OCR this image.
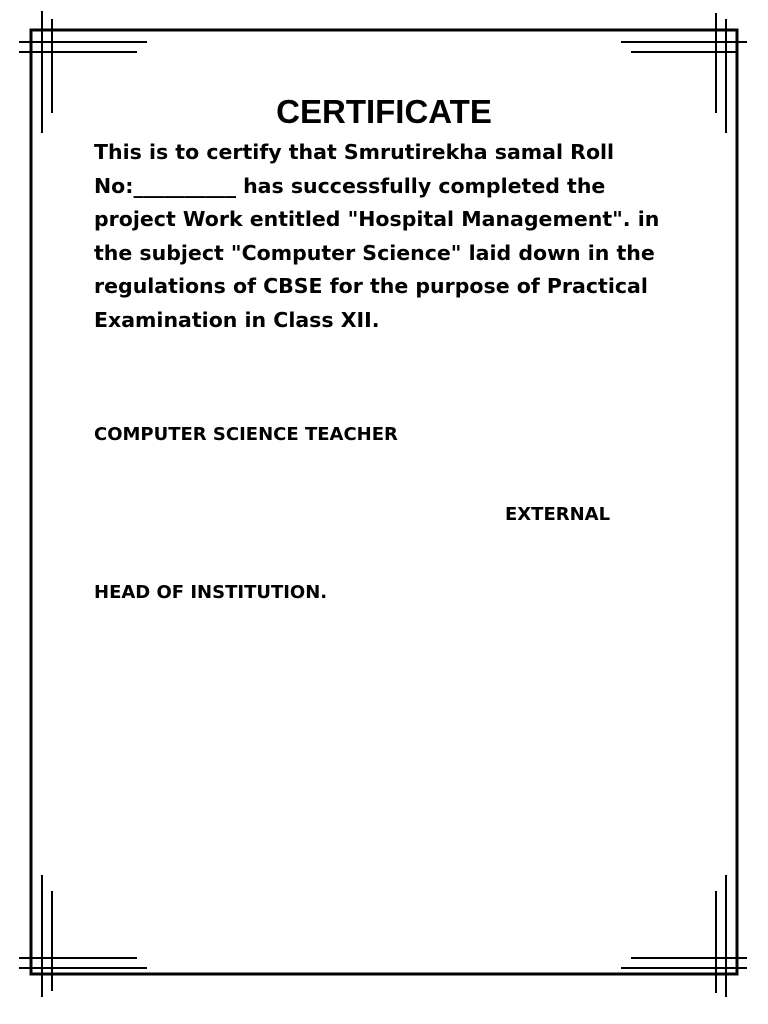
CERTIFICATE

This is to certify that Smrutirekha samal Roll No:__________ has successfully completed the project Work entitled "Hospital Management". in the subject "Computer Science" laid down in the regulations of CBSE for the purpose of Practical Examination in Class XII.

COMPUTER SCIENCE TEACHER

EXTERNAL

HEAD OF INSTITUTION.
